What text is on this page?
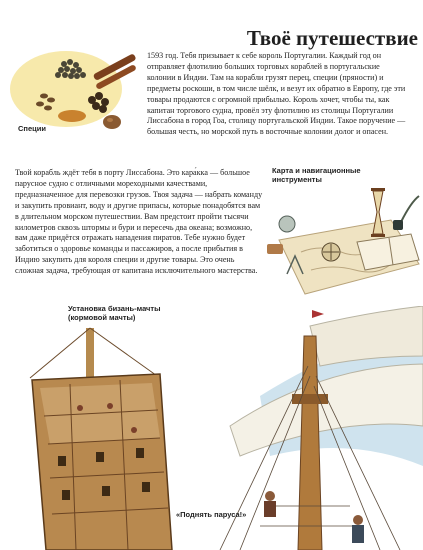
Твоё путешествие
Специи

1593 год. Тебя призывает к себе король Португалии. Каждый год он отправляет флотилию больших торговых кораблей в португальские колонии в Индии. Там на корабли грузят перец, специи (пряности) и предметы роскоши, в том числе шёлк, и везут их обратно в Европу, где эти товары продаются с огромной прибылью. Король хочет, чтобы ты, как капитан торгового судна, провёл эту флотилию из столицы Португалии Лиссабона в город Гоа, столицу португальской Индии. Такое поручение — большая честь, но морской путь в восточные колонии долог и опасен.

Твой корабль ждёт тебя в порту Лиссабона. Это кара́кка — большое парусное судно с отличными мореходными качествами, предназначенное для перевозки грузов. Твоя задача — набрать команду и закупить провиант, воду и другие припасы, которые понадобятся вам в длительном морском путешествии. Вам предстоит пройти тысячи километров сквозь штормы и бури и пересечь два океана; возможно, вам даже придётся отражать нападения пиратов. Тебе нужно будет заботиться о здоровье команды и пассажиров, а после прибытия в Индию закупить для короля специи и другие товары. Это очень сложная задача, требующая от капитана исключительного мастерства.

Карта и навигационные инструменты
Установка бизань-мачты (кормовой мачты)
«Поднять паруса!»
